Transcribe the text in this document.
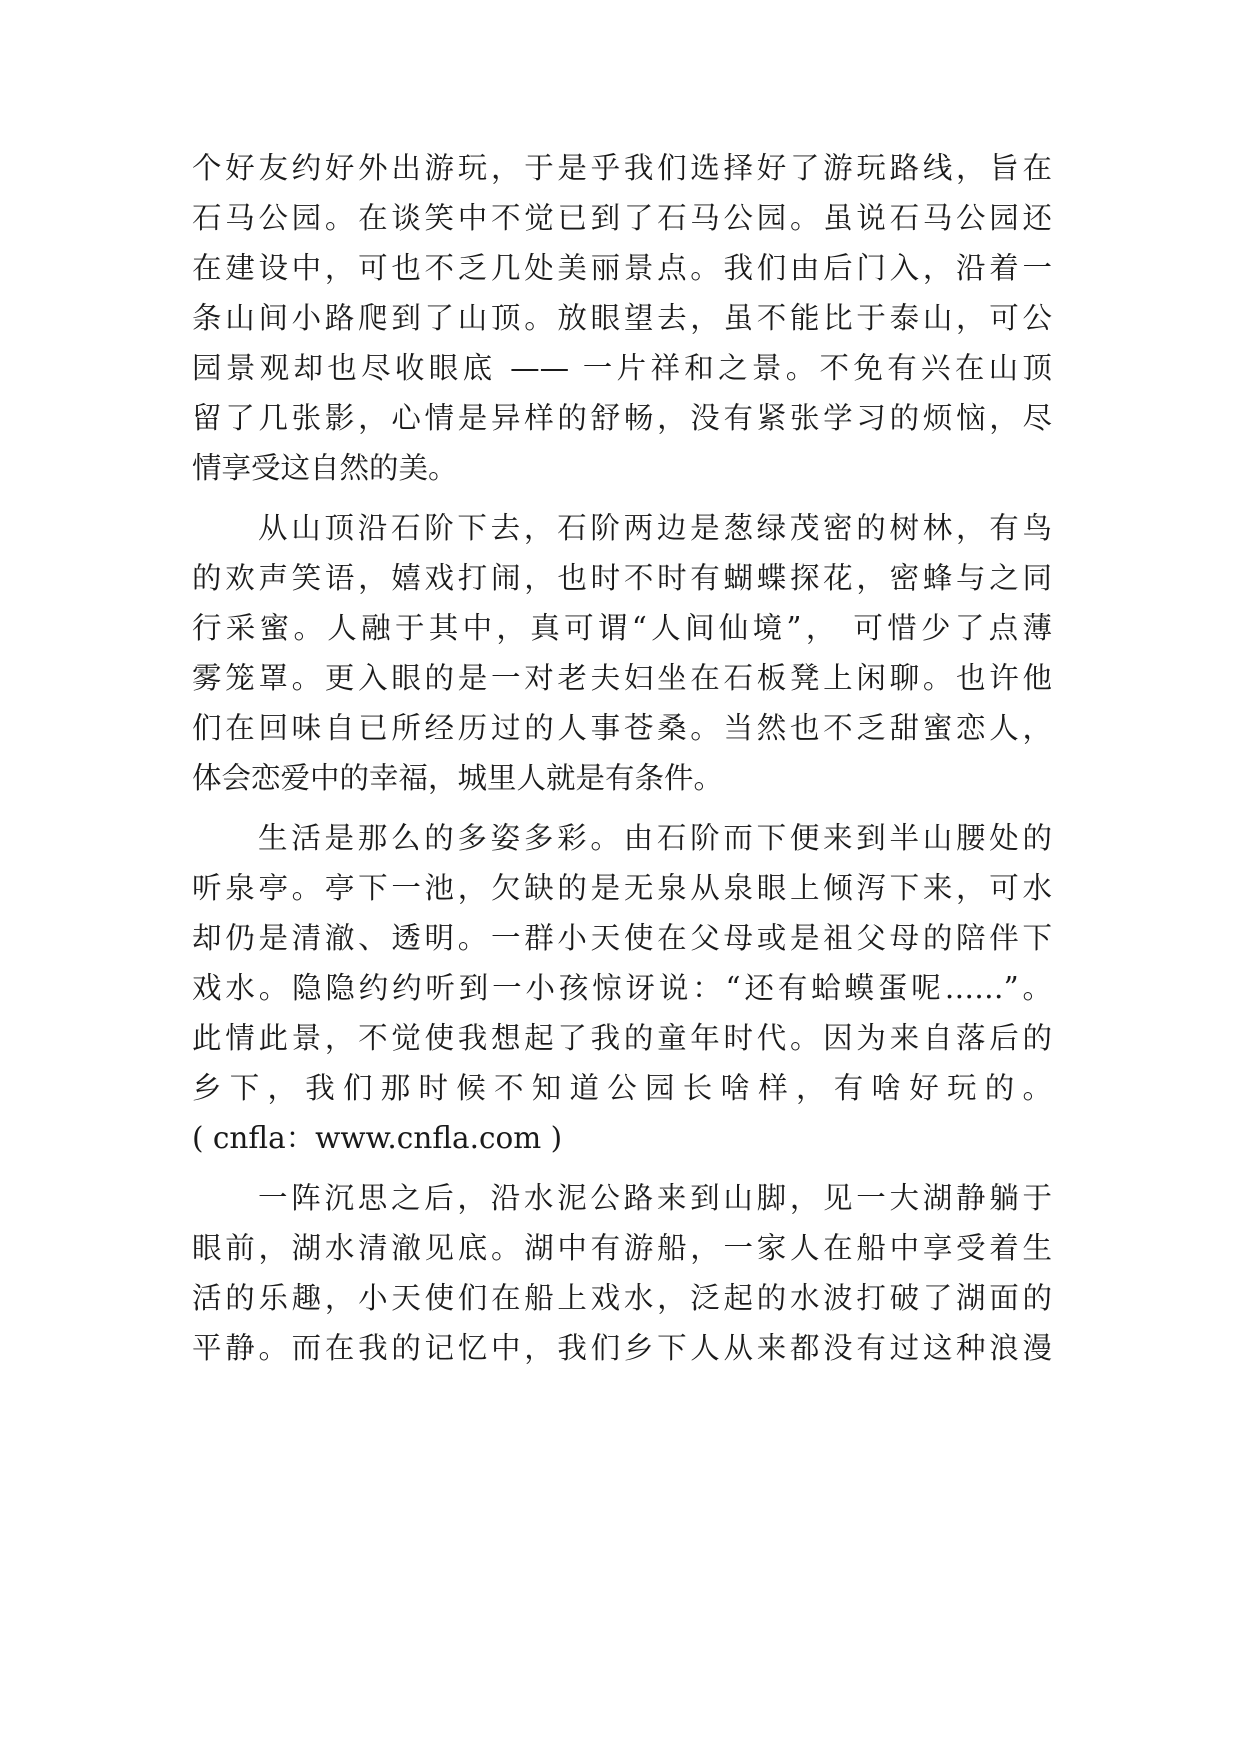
个好友约好外出游玩，于是乎我们选择好了游玩路线，旨在
石马公园。在谈笑中不觉已到了石马公园。虽说石马公园还
在建设中，可也不乏几处美丽景点。我们由后门入，沿着一
条山间小路爬到了山顶。放眼望去，虽不能比于泰山，可公
园景观却也尽收眼底 —— 一片祥和之景。不免有兴在山顶
留了几张影，心情是异样的舒畅，没有紧张学习的烦恼，尽
情享受这自然的美。
从山顶沿石阶下去，石阶两边是葱绿茂密的树林，有鸟
的欢声笑语，嬉戏打闹，也时不时有蝴蝶探花，密蜂与之同
行采蜜。人融于其中，真可谓“人间仙境”， 可惜少了点薄
雾笼罩。更入眼的是一对老夫妇坐在石板凳上闲聊。也许他
们在回味自已所经历过的人事苍桑。当然也不乏甜蜜恋人，
体会恋爱中的幸福，城里人就是有条件。
生活是那么的多姿多彩。由石阶而下便来到半山腰处的
听泉亭。亭下一池，欠缺的是无泉从泉眼上倾泻下来，可水
却仍是清澈、透明。一群小天使在父母或是祖父母的陪伴下
戏水。隐隐约约听到一小孩惊讶说：“还有蛤蟆蛋呢……”。
此情此景，不觉使我想起了我的童年时代。因为来自落后的
乡下，我们那时候不知道公园长啥样，有啥好玩的。
( cnfla：www.cnfla.com )
一阵沉思之后，沿水泥公路来到山脚，见一大湖静躺于
眼前，湖水清澈见底。湖中有游船，一家人在船中享受着生
活的乐趣，小天使们在船上戏水，泛起的水波打破了湖面的
平静。而在我的记忆中，我们乡下人从来都没有过这种浪漫
